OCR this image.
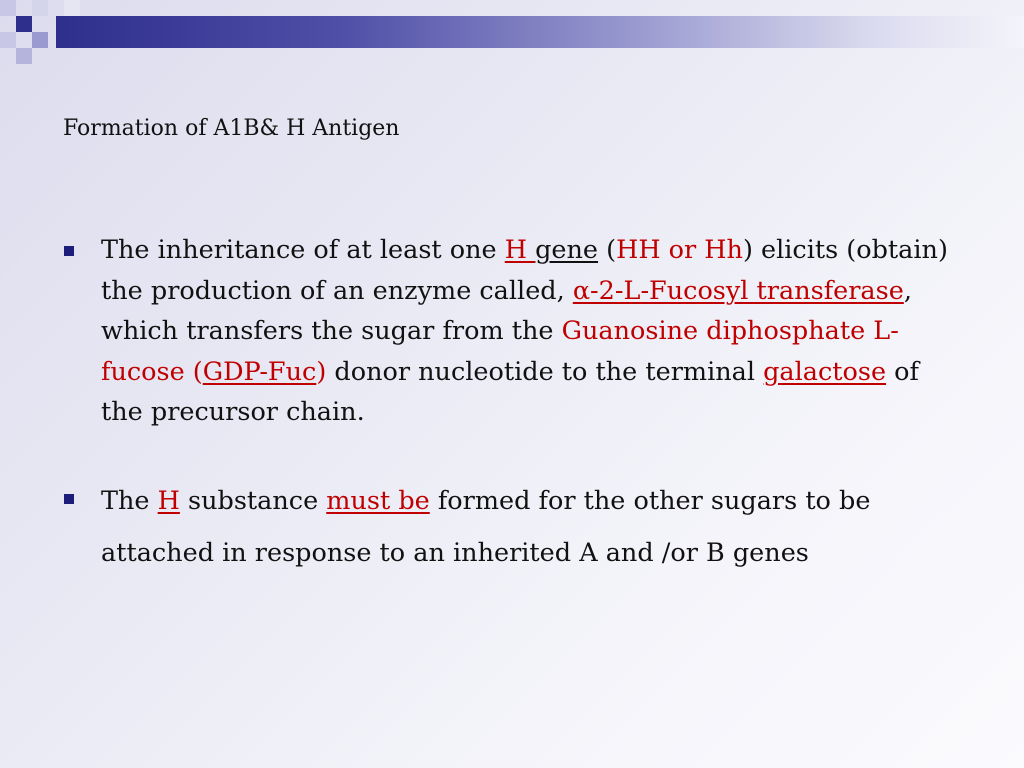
Formation of A1B& H Antigen
The inheritance of at least one H gene (HH or Hh) elicits (obtain) the production of an enzyme called, α-2-L-Fucosyl transferase, which transfers the sugar from the Guanosine diphosphate L-fucose (GDP-Fuc) donor nucleotide to the terminal galactose of the precursor chain.
The H substance must be formed for the other sugars to be attached in response to an inherited A and /or B genes
